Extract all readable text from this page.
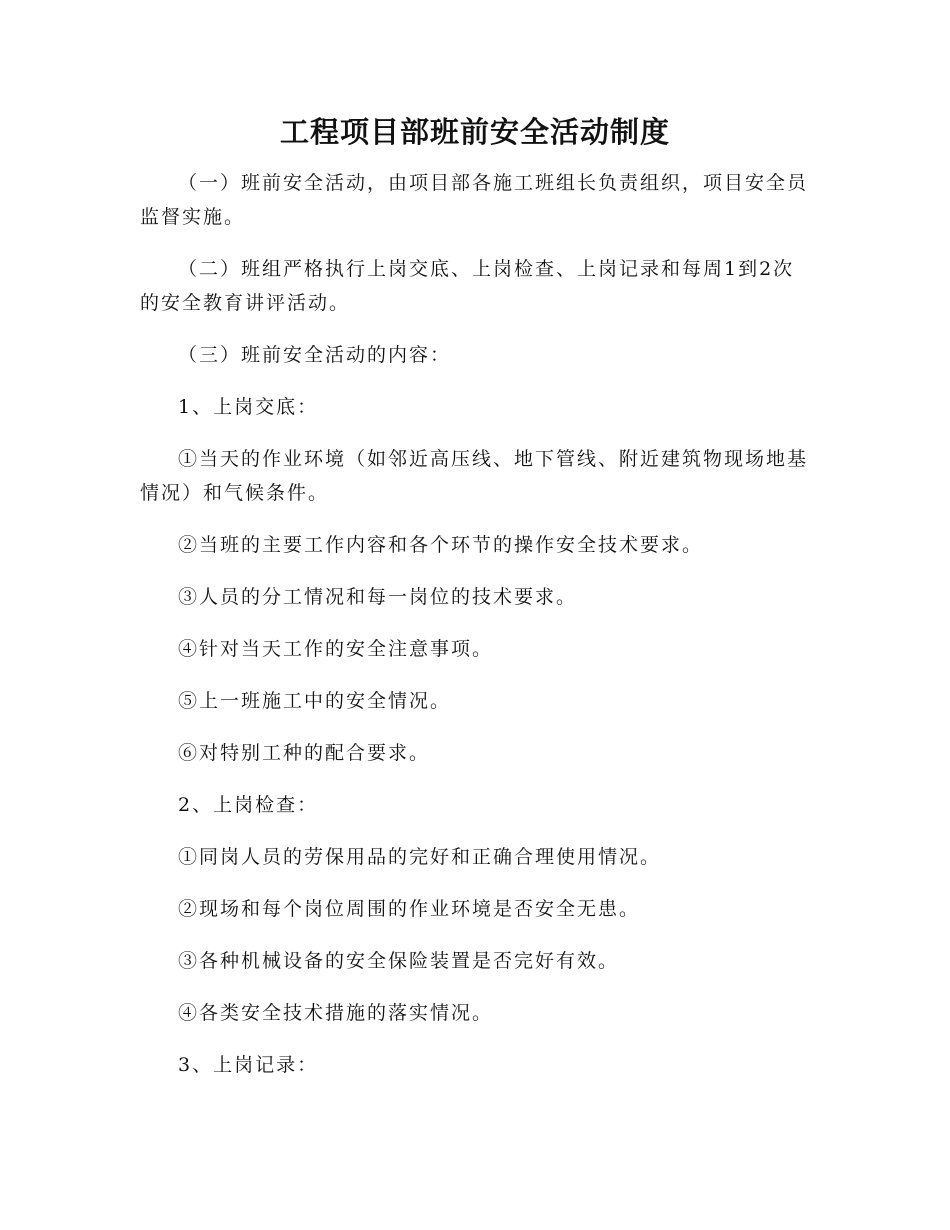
工程项目部班前安全活动制度

（一）班前安全活动，由项目部各施工班组长负责组织，项目安全员监督实施。

（二）班组严格执行上岗交底、上岗检查、上岗记录和每周1到2次的安全教育讲评活动。

（三）班前安全活动的内容：

1、上岗交底：

①当天的作业环境（如邻近高压线、地下管线、附近建筑物现场地基情况）和气候条件。

②当班的主要工作内容和各个环节的操作安全技术要求。

③人员的分工情况和每一岗位的技术要求。

④针对当天工作的安全注意事项。

⑤上一班施工中的安全情况。

⑥对特别工种的配合要求。

2、上岗检查：

①同岗人员的劳保用品的完好和正确合理使用情况。

②现场和每个岗位周围的作业环境是否安全无患。

③各种机械设备的安全保险装置是否完好有效。

④各类安全技术措施的落实情况。

3、上岗记录：
